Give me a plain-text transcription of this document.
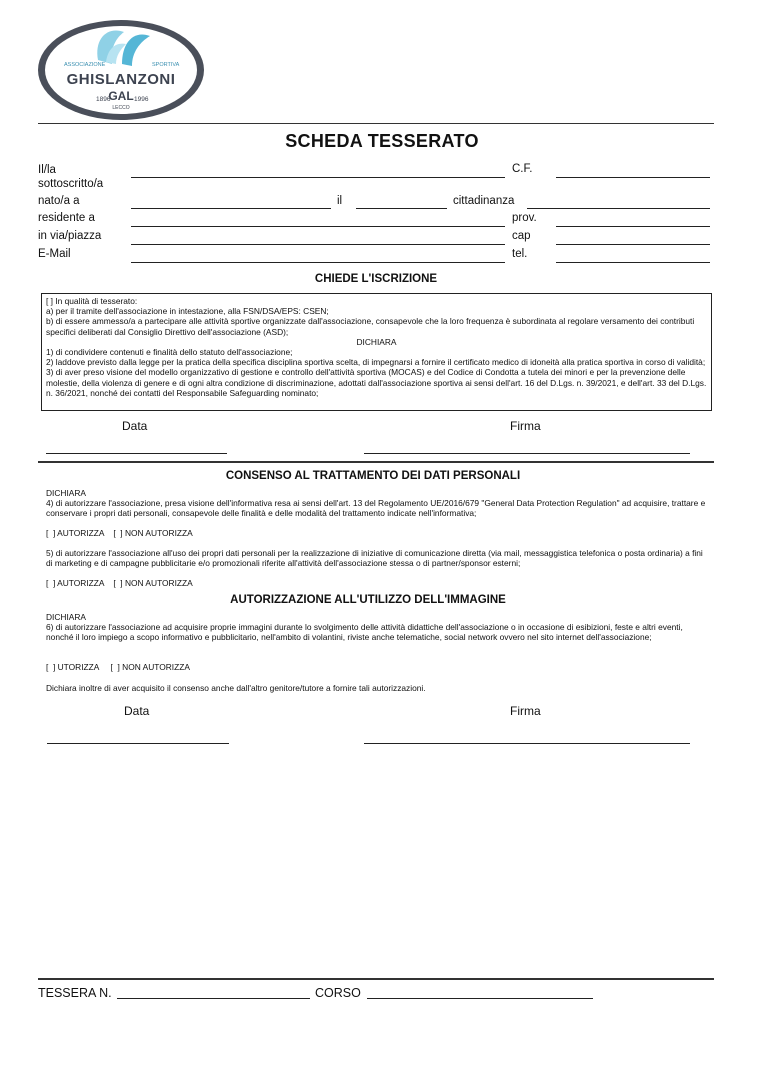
ASSOCIAZIONE	SPORTIVA
GHISLANZONI
1896
GAL 1996
LECCO
SCHEDA TESSERATO
Il/la
sottoscritto/a
C.F.
nato/a a	il	cittadinanza
residente a	prov.
in via/piazza	cap
E-Mail	tel.
CHIEDE L'ISCRIZIONE
[ ] In qualità di tesserato:
a) per il tramite dell'associazione in intestazione, alla FSN/DSA/EPS: CSEN;
b) di essere ammesso/a a partecipare alle attività sportive organizzate dall'associazione, consapevole che la loro frequenza è subordinata al regolare versamento dei contributi specifici deliberati dal Consiglio Direttivo dell'associazione (ASD);
DICHIARA
1) di condividere contenuti e finalità dello statuto dell'associazione;
2) laddove previsto dalla legge per la pratica della specifica disciplina sportiva scelta, di impegnarsi a fornire il certificato medico di idoneità alla pratica sportiva in corso di validità;
3) di aver preso visione del modello organizzativo di gestione e controllo dell'attività sportiva (MOCAS) e del Codice di Condotta a tutela dei minori e per la prevenzione delle molestie, della violenza di genere e di ogni altra condizione di discriminazione, adottati dall'associazione sportiva ai sensi dell'art. 16 del D.Lgs. n. 39/2021, e dell'art. 33 del D.Lgs. n. 36/2021, nonché dei contatti del Responsabile Safeguarding nominato;
Data	Firma
CONSENSO AL TRATTAMENTO DEI DATI PERSONALI
DICHIARA
4) di autorizzare l'associazione, presa visione dell'informativa resa ai sensi dell'art. 13 del Regolamento UE/2016/679 "General Data Protection Regulation" ad acquisire, trattare e conservare i propri dati personali, consapevole delle finalità e delle modalità del trattamento indicate nell'informativa;
[  ] AUTORIZZA    [  ] NON AUTORIZZA
5) di autorizzare l'associazione all'uso dei propri dati personali per la realizzazione di iniziative di comunicazione diretta (via mail, messaggistica telefonica o posta ordinaria) a fini di marketing e di campagne pubblicitarie e/o promozionali riferite all'attività dell'associazione stessa o di partner/sponsor esterni;
[  ] AUTORIZZA    [  ] NON AUTORIZZA
AUTORIZZAZIONE ALL'UTILIZZO DELL'IMMAGINE
DICHIARA
6) di autorizzare l'associazione ad acquisire proprie immagini durante lo svolgimento delle attività didattiche dell'associazione o in occasione di esibizioni, feste e altri eventi, nonché il loro impiego a scopo informativo e pubblicitario, nell'ambito di volantini, riviste anche telematiche, social network ovvero nel sito internet dell'associazione;
[  ] UTORIZZA     [  ] NON AUTORIZZA
Dichiara inoltre di aver acquisito il consenso anche dall'altro genitore/tutore a fornire tali autorizzazioni.
Data	Firma
TESSERA N.	CORSO
